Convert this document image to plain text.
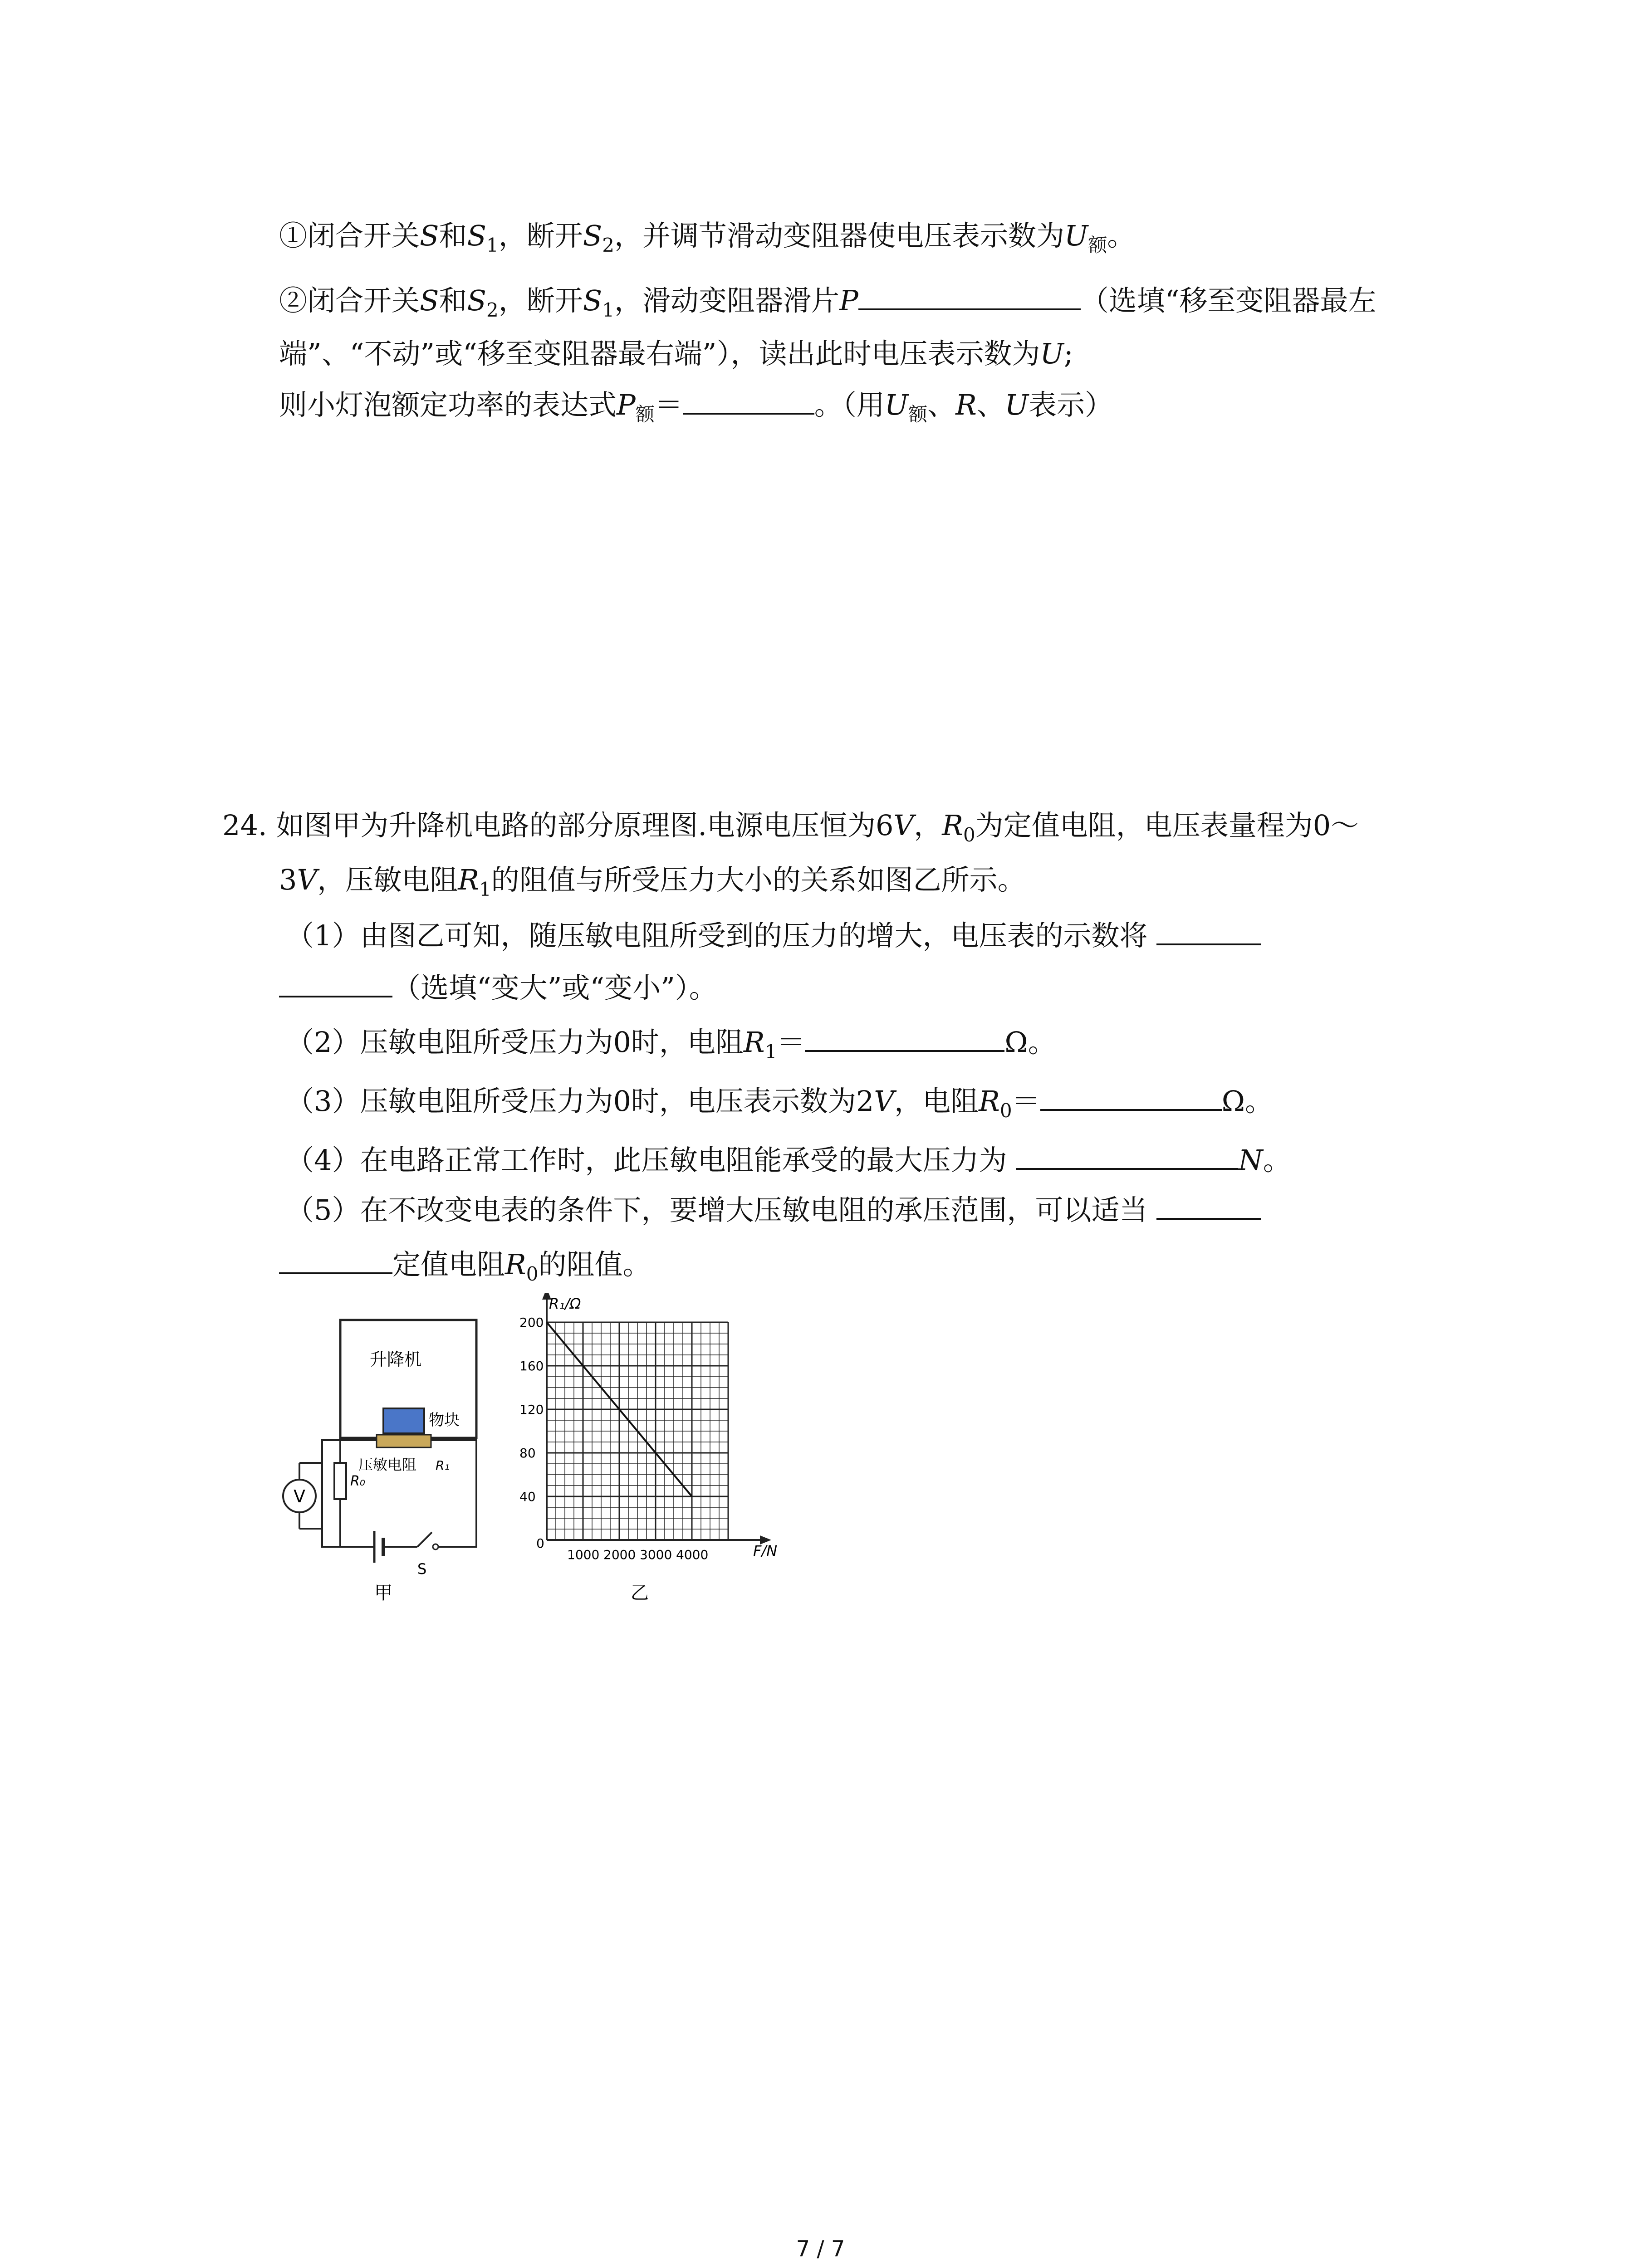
①闭合开关S和$S_1$，断开$S_2$，并调节滑动变阻器使电压表示数为$U_额$。
②闭合开关S和$S_2$，断开$S_1$，滑动变阻器滑片P	（选填“移至变阻器最左
端”、“不动”或“移至变阻器最右端”），读出此时电压表示数为U;
则小灯泡额定功率的表达式$P_额=$	。（用$U_额$、R、U表示）
24. 如图甲为升降机电路的部分原理图.电源电压恒为6V，$R_0$为定值电阻，电压表量程为0～
3V，压敏电阻$R_1$的阻值与所受压力大小的关系如图乙所示。
（1）由图乙可知，随压敏电阻所受到的压力的增大，电压表的示数将
（选填“变大”或“变小”）。
（2）压敏电阻所受压力为0时，电阻$R_1=$	Ω。
（3）压敏电阻所受压力为0时，电压表示数为2V，电阻$R_0=$	Ω。
（4）在电路正常工作时，此压敏电阻能承受的最大压力为	N。
（5）在不改变电表的条件下，要增大压敏电阻的承压范围，可以适当
定值电阻$R_0$的阻值。
升降机
物块
压敏电阻 R₁
R₀
V
S
甲
1000 2000 3000 4000
40
80
120
160
200
R₁/Ω
F/N
0
乙
7 / 7
